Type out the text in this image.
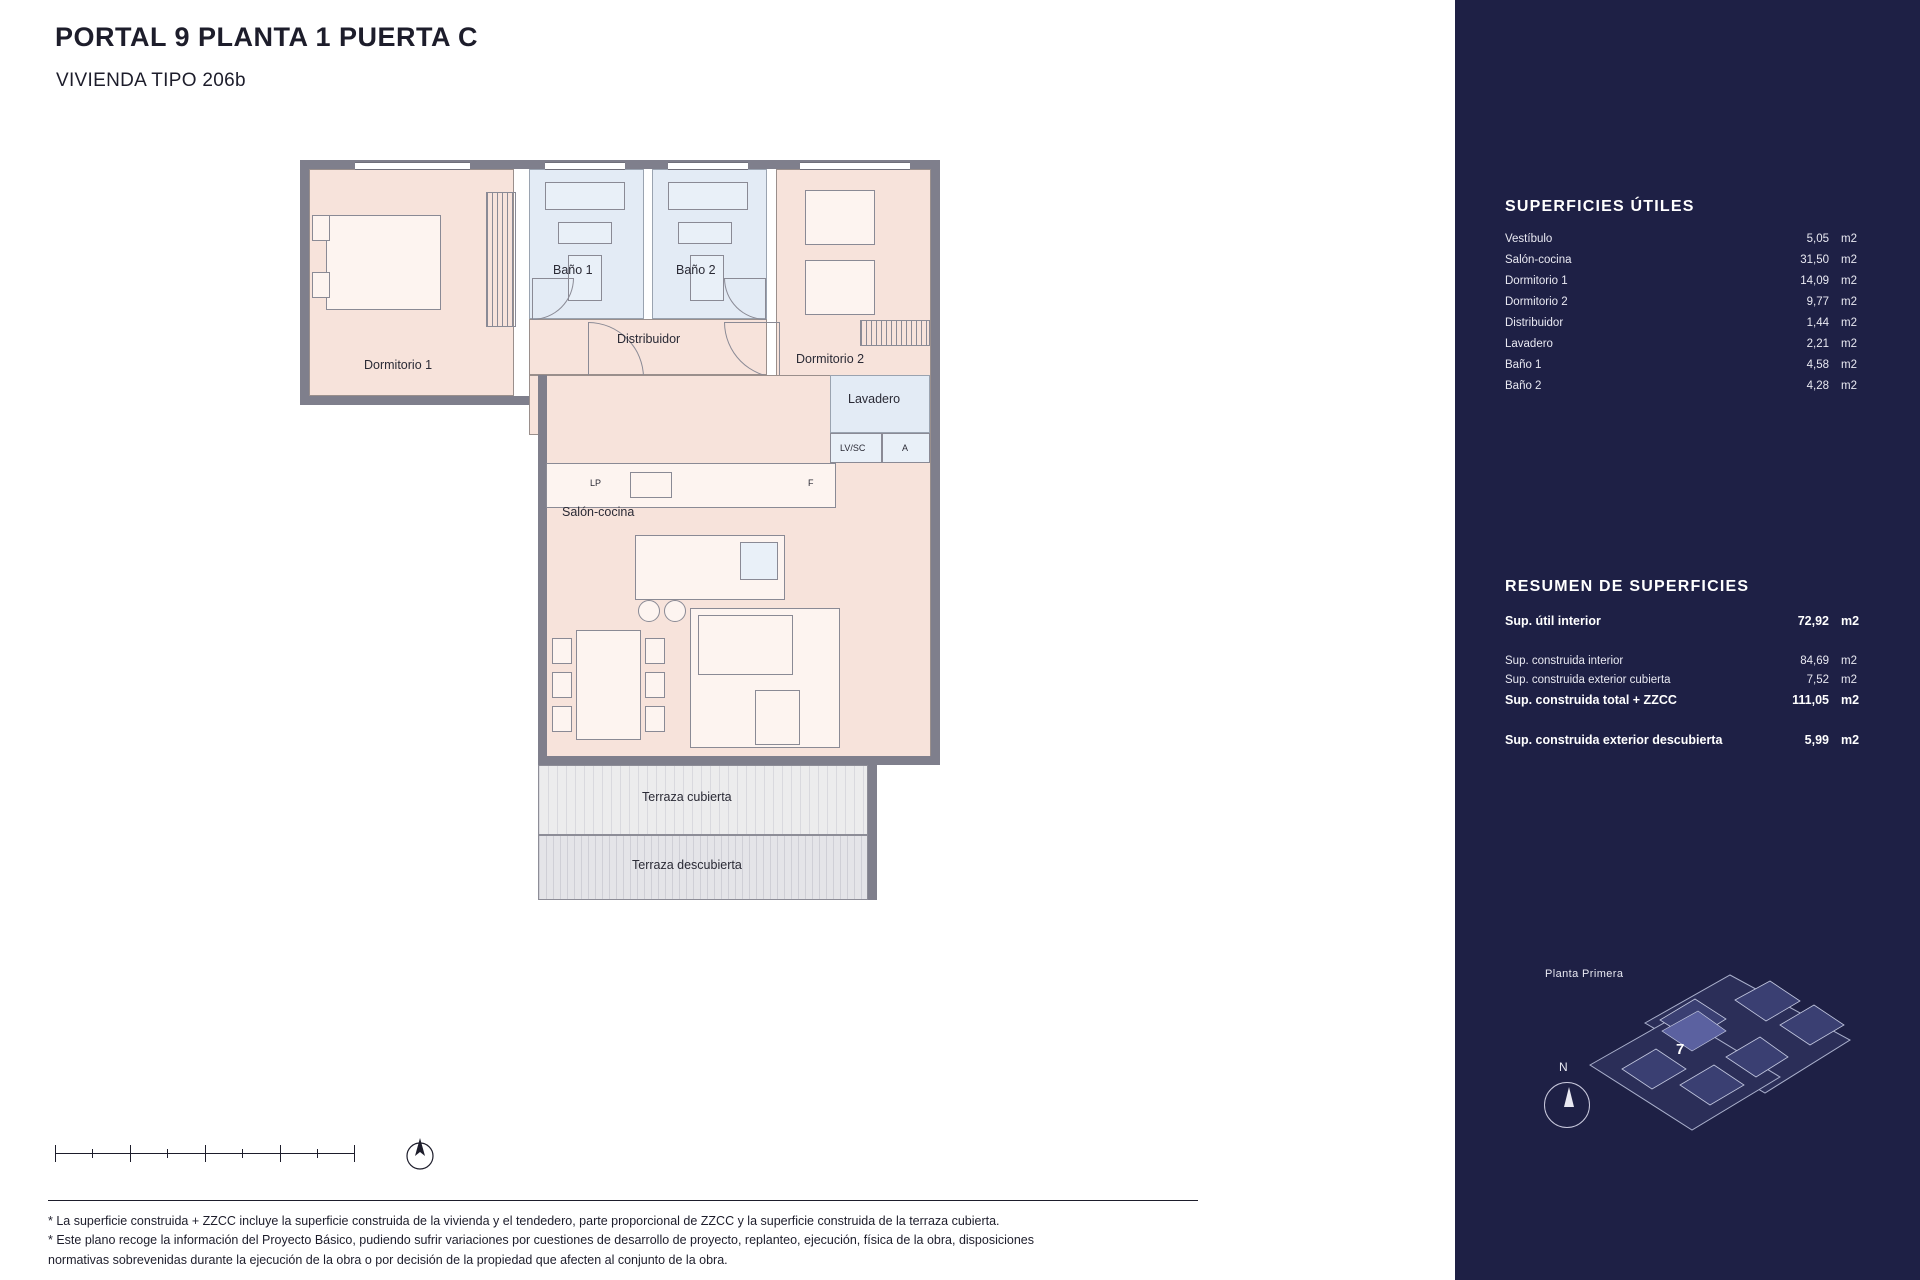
PORTAL 9 PLANTA 1 PUERTA C
VIVIENDA TIPO 206b
Dormitorio 1
Baño 1	Baño 2
Dormitorio 2
Distribuidor
Lavadero
LV/SC	A
LP	F
Salón-cocina
Terraza cubierta
Terraza descubierta
* La superficie construida + ZZCC incluye la superficie construida de la vivienda y el tendedero, parte proporcional de ZZCC y la superficie construida de la terraza cubierta.
* Este plano recoge la información del Proyecto Básico, pudiendo sufrir variaciones por cuestiones de desarrollo de proyecto, replanteo, ejecución, física de la obra, disposiciones
normativas sobrevenidas durante la ejecución de la obra o por decisión de la propiedad que afecten al conjunto de la obra.
SUPERFICIES ÚTILES
Vestíbulo	5,05 m2
Salón-cocina	31,50 m2
Dormitorio 1	14,09 m2
Dormitorio 2	9,77 m2
Distribuidor	1,44 m2
Lavadero	2,21 m2
Baño 1	4,58 m2
Baño 2	4,28 m2
RESUMEN DE SUPERFICIES
Sup. útil interior	72,92 m2
Sup. construida interior	84,69 m2
Sup. construida exterior cubierta	7,52 m2
Sup. construida total + ZZCC	111,05 m2
Sup. construida exterior descubierta	5,99 m2
Planta Primera
7
N
